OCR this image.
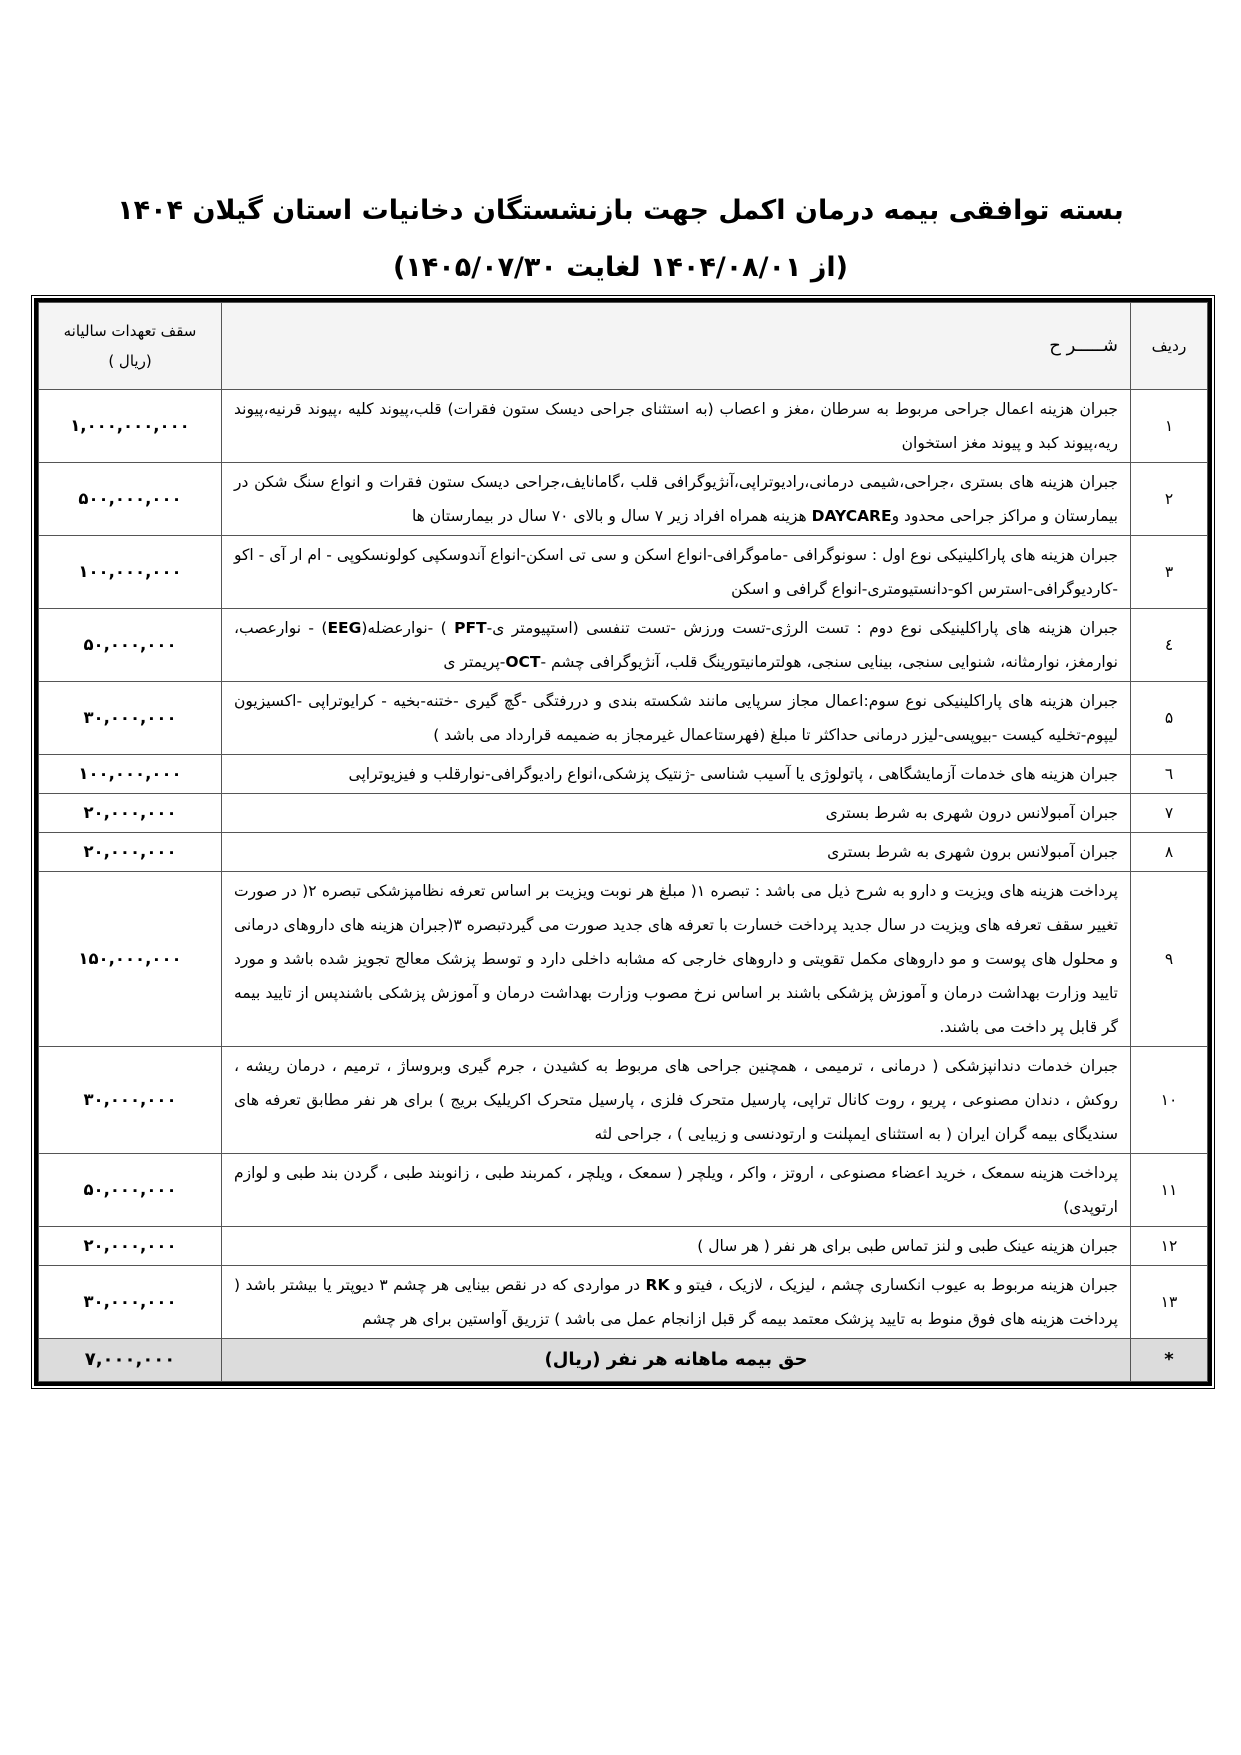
بسته توافقی بیمه درمان اکمل جهت بازنشستگان دخانیات استان گیلان ۱۴۰۴
(از ۱۴۰۴/۰۸/۰۱ لغایت ۱۴۰۵/۰۷/۳۰)
ردیف	شـــــر ح	سقف تعهدات سالیانه
(ریال )

۱	جبران هزینه اعمال جراحی مربوط به سرطان ،مغز و اعصاب (به استثنای جراحی دیسک ستون فقرات) قلب،پیوند کلیه ،پیوند قرنیه،پیوند ریه،پیوند کبد و پیوند مغز استخوان	۱,۰۰۰,۰۰۰,۰۰۰
۲	جبران هزینه های بستری ،جراحی،شیمی درمانی،رادیوتراپی،آنژیوگرافی قلب ،گامانایف،جراحی دیسک ستون فقرات و انواع سنگ شکن در بیمارستان و مراکز جراحی محدود وDAYCARE هزینه همراه افراد زیر ۷ سال و بالای ۷۰ سال در بیمارستان ها	۵۰۰,۰۰۰,۰۰۰
۳	جبران هزینه های پاراکلینیکی نوع اول : سونوگرافی -ماموگرافی-انواع اسکن و سی تی اسکن-انواع آندوسکپی کولونسکوپی - ام ار آی - اکو -کاردیوگرافی-استرس اکو-دانستیومتری-انواع گرافی و اسکن	۱۰۰,۰۰۰,۰۰۰
٤	جبران هزینه های پاراکلینیکی نوع دوم : تست الرژی-تست ورزش -تست تنفسی (استپیومتر ی-PFT ) -نوارعضله(EEG) - نوارعصب، نوارمغز، نوارمثانه، شنوایی سنجی، بینایی سنجی، هولترمانیتورینگ قلب، آنژیوگرافی چشم -OCT-پریمتر ی	۵۰,۰۰۰,۰۰۰
۵	جبران هزینه های پاراکلینیکی نوع سوم:اعمال مجاز سرپایی مانند شکسته بندی و دررفتگی -گچ گیری -ختنه-بخیه - کرایوتراپی -اکسیزیون لیپوم-تخلیه کیست -بیوپسی-لیزر درمانی حداکثر تا مبلغ (فهرستاعمال غیرمجاز به ضمیمه قرارداد می باشد )	۳۰,۰۰۰,۰۰۰
٦	جبران هزینه های خدمات آزمایشگاهی ، پاتولوژی یا آسیب شناسی -ژنتیک پزشکی،انواع رادیوگرافی-نوارقلب و فیزیوتراپی	۱۰۰,۰۰۰,۰۰۰
۷	جبران آمبولانس درون شهری به شرط بستری	۲۰,۰۰۰,۰۰۰
۸	جبران آمبولانس برون شهری به شرط بستری	۲۰,۰۰۰,۰۰۰
۹	پرداخت هزینه های ویزیت و دارو به شرح ذیل می باشد : تبصره ۱( مبلغ هر نوبت ویزیت بر اساس تعرفه نظامپزشکی تبصره ۲( در صورت تغییر سقف تعرفه های ویزیت در سال جدید پرداخت خسارت با تعرفه های جدید صورت می گیردتبصره ۳(جبران هزینه های داروهای درمانی و محلول های پوست و مو داروهای مکمل تقویتی و داروهای خارجی که مشابه داخلی دارد و توسط پزشک معالج تجویز شده باشد و مورد تایید وزارت بهداشت درمان و آموزش پزشکی باشند بر اساس نرخ مصوب وزارت بهداشت درمان و آموزش پزشکی باشندپس از تایید بیمه گر قابل پر داخت می باشند.	۱۵۰,۰۰۰,۰۰۰
۱۰	جبران خدمات دندانپزشکی ( درمانی ، ترمیمی ، همچنین جراحی های مربوط به کشیدن ، جرم گیری وبروساژ ، ترمیم ، درمان ریشه ، روکش ، دندان مصنوعی ، پریو ، روت کانال تراپی، پارسیل متحرک فلزی ، پارسیل متحرک اکریلیک بریج ) برای هر نفر مطابق تعرفه های سندیگای بیمه گران ایران ( به استثنای ایمپلنت و ارتودنسی و زیبایی ) ، جراحی لثه	۳۰,۰۰۰,۰۰۰
۱۱	پرداخت هزینه سمعک ، خرید اعضاء مصنوعی ، اروتز ، واکر ، ویلچر ( سمعک ، ویلچر ، کمربند طبی ، زانوبند طبی ، گردن بند طبی و لوازم ارتوپدی)	۵۰,۰۰۰,۰۰۰
۱۲	جبران هزینه عینک طبی و لنز تماس طبی برای هر نفر ( هر سال )	۲۰,۰۰۰,۰۰۰
۱۳	جبران هزینه مربوط به عیوب انکساری چشم ، لیزیک ، لازیک ، فیتو و RK در مواردی که در نقص بینایی هر چشم ۳ دیوپتر یا بیشتر باشد ( پرداخت هزینه های فوق منوط به تایید پزشک معتمد بیمه گر قبل ازانجام عمل می باشد ) تزریق آواستین برای هر چشم	۳۰,۰۰۰,۰۰۰
*	حق بیمه ماهانه هر نفر (ریال)	۷,۰۰۰,۰۰۰
